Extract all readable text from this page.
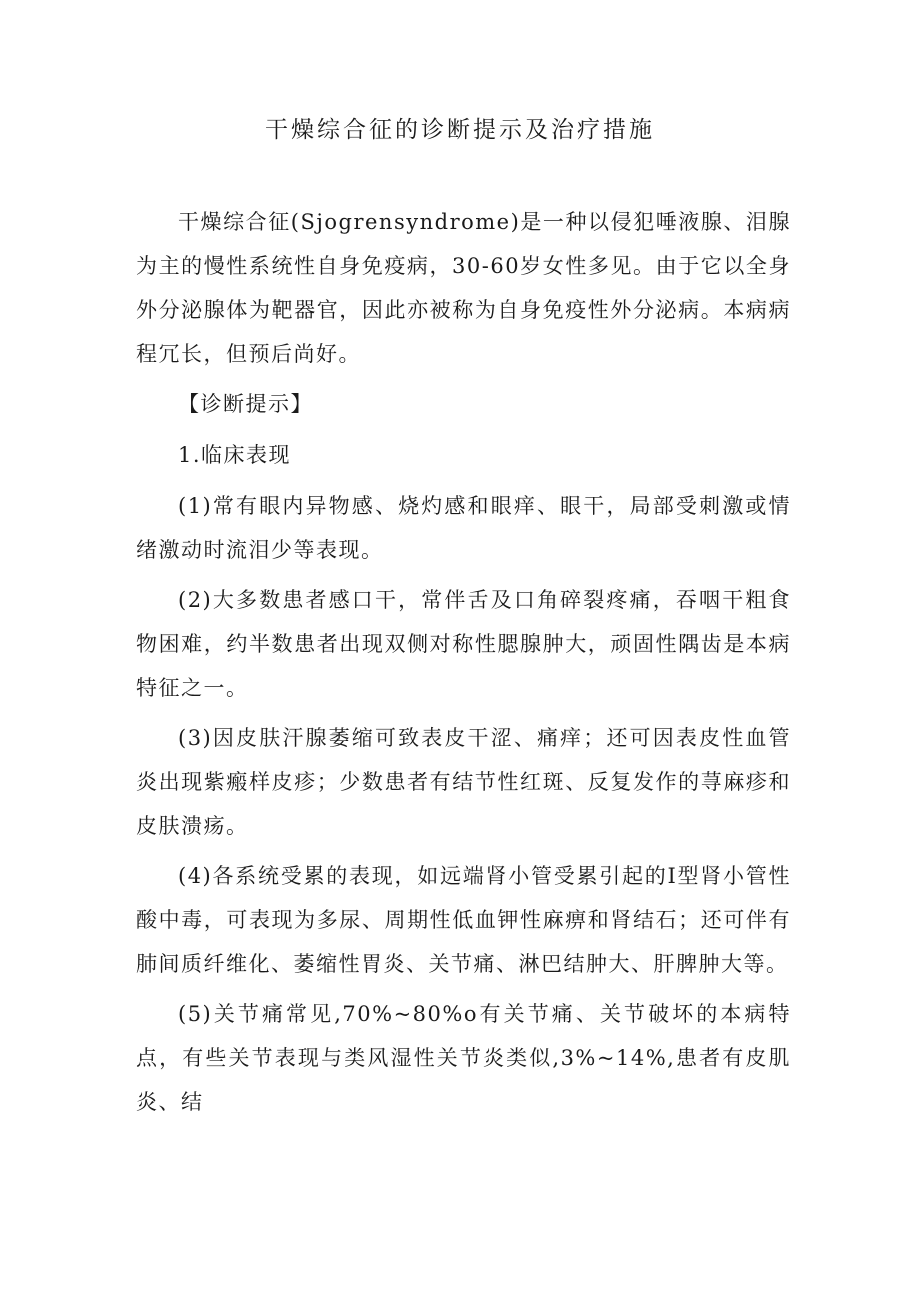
干燥综合征的诊断提示及治疗措施

干燥综合征(Sjogrensyndrome)是一种以侵犯唾液腺、泪腺为主的慢性系统性自身免疫病，30-60岁女性多见。由于它以全身外分泌腺体为靶器官，因此亦被称为自身免疫性外分泌病。本病病程冗长，但预后尚好。

【诊断提示】

1.临床表现

(1)常有眼内异物感、烧灼感和眼痒、眼干，局部受刺激或情绪激动时流泪少等表现。

(2)大多数患者感口干，常伴舌及口角碎裂疼痛，吞咽干粗食物困难，约半数患者出现双侧对称性腮腺肿大，顽固性隅齿是本病特征之一。

(3)因皮肤汗腺萎缩可致表皮干涩、痛痒；还可因表皮性血管炎出现紫瘢样皮疹；少数患者有结节性红斑、反复发作的荨麻疹和皮肤溃疡。

(4)各系统受累的表现，如远端肾小管受累引起的I型肾小管性酸中毒，可表现为多尿、周期性低血钾性麻痹和肾结石；还可伴有肺间质纤维化、萎缩性胃炎、关节痛、淋巴结肿大、肝脾肿大等。

(5)关节痛常见,70%~80%o有关节痛、关节破坏的本病特点，有些关节表现与类风湿性关节炎类似,3%~14%,患者有皮肌炎、结
